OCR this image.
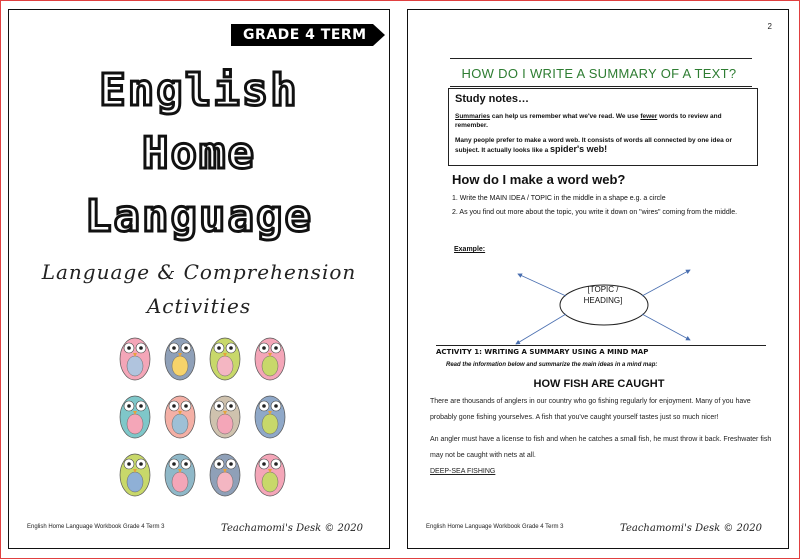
GRADE 4 TERM 3
English
Home
Language
Language & Comprehension
Activities
English Home Language Workbook Grade 4 Term 3	Teachamomi's Desk © 2020
2
HOW DO I WRITE A SUMMARY OF A TEXT?
Study notes…

Summaries can help us remember what we've read. We use fewer words to review and remember.

Many people prefer to make a word web. It consists of words all connected by one idea or subject. It actually looks like a spider's web!

How do I make a word web?
1. Write the MAIN IDEA / TOPIC in the middle in a shape e.g. a circle
2. As you find out more about the topic, you write it down on "wires" coming from the middle.
Example:
[TOPIC /
HEADING]
ACTIVITY 1: WRITING A SUMMARY USING A MIND MAP
Read the information below and summarize the main ideas in a mind map:
HOW FISH ARE CAUGHT
There are thousands of anglers in our country who go fishing regularly for enjoyment. Many of you have probably gone fishing yourselves. A fish that you've caught yourself tastes just so much nicer!
An angler must have a license to fish and when he catches a small fish, he must throw it back. Freshwater fish may not be caught with nets at all.
DEEP-SEA FISHING
English Home Language Workbook Grade 4 Term 3	Teachamomi's Desk © 2020
